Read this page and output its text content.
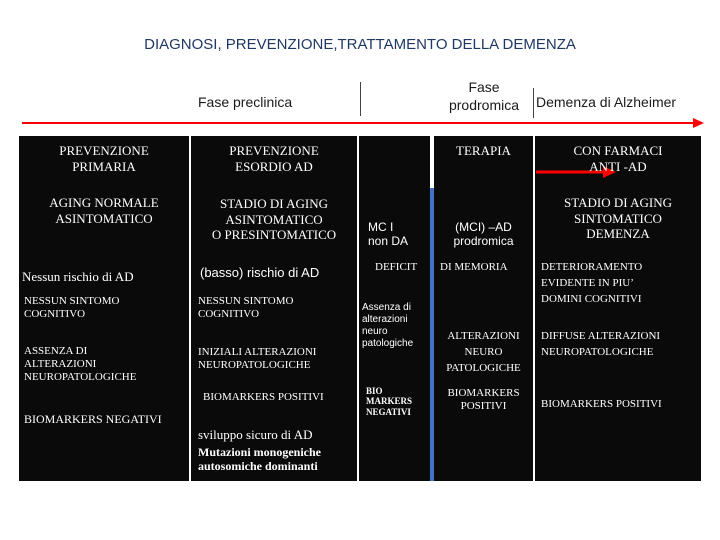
DIAGNOSI, PREVENZIONE,TRATTAMENTO DELLA DEMENZA
Fase preclinica
Fase
prodromica	Demenza di Alzheimer
PREVENZIONE
PRIMARIA
AGING NORMALE
ASINTOMATICO
Nessun rischio di AD
NESSUN SINTOMO
COGNITIVO
ASSENZA DI
ALTERAZIONI
NEUROPATOLOGICHE
BIOMARKERS NEGATIVI
PREVENZIONE
ESORDIO AD
STADIO DI AGING
ASINTOMATICO
O PRESINTOMATICO
(basso) rischio di AD
NESSUN SINTOMO
COGNITIVO
INIZIALI ALTERAZIONI
NEUROPATOLOGICHE
BIOMARKERS POSITIVI
sviluppo sicuro di AD
Mutazioni monogeniche
autosomiche dominanti
MC I
non DA
DEFICIT
Assenza di
alterazioni
neuro
patologiche
BIO
MARKERS
NEGATIVI
TERAPIA
(MCI) –AD
prodromica
DI MEMORIA
ALTERAZIONI
NEURO
PATOLOGICHE
BIOMARKERS
POSITIVI
CON FARMACI
ANTI -AD
STADIO DI AGING
SINTOMATICO
DEMENZA
DETERIORAMENTO
EVIDENTE IN PIU’
DOMINI COGNITIVI
DIFFUSE ALTERAZIONI
NEUROPATOLOGICHE
BIOMARKERS POSITIVI
